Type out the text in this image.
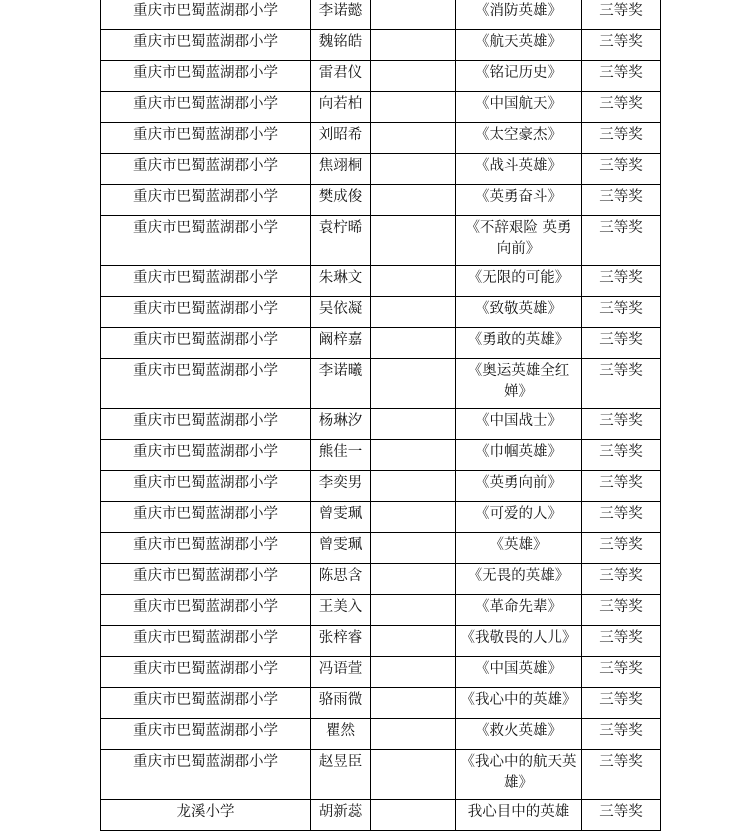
重庆市巴蜀蓝湖郡小学	李诺懿		《消防英雄》	三等奖
重庆市巴蜀蓝湖郡小学	魏铭皓		《航天英雄》	三等奖
重庆市巴蜀蓝湖郡小学	雷君仪		《铭记历史》	三等奖
重庆市巴蜀蓝湖郡小学	向若柏		《中国航天》	三等奖
重庆市巴蜀蓝湖郡小学	刘昭希		《太空豪杰》	三等奖
重庆市巴蜀蓝湖郡小学	焦翊桐		《战斗英雄》	三等奖
重庆市巴蜀蓝湖郡小学	樊成俊		《英勇奋斗》	三等奖
重庆市巴蜀蓝湖郡小学	袁柠晞		《不辞艰险 英勇向前》	三等奖
重庆市巴蜀蓝湖郡小学	朱琳文		《无限的可能》	三等奖
重庆市巴蜀蓝湖郡小学	吴依凝		《致敬英雄》	三等奖
重庆市巴蜀蓝湖郡小学	阚梓嘉		《勇敢的英雄》	三等奖
重庆市巴蜀蓝湖郡小学	李诺曦		《奥运英雄全红婵》	三等奖
重庆市巴蜀蓝湖郡小学	杨琳汐		《中国战士》	三等奖
重庆市巴蜀蓝湖郡小学	熊佳一		《巾帼英雄》	三等奖
重庆市巴蜀蓝湖郡小学	李奕男		《英勇向前》	三等奖
重庆市巴蜀蓝湖郡小学	曾雯珮		《可爱的人》	三等奖
重庆市巴蜀蓝湖郡小学	曾雯珮		《英雄》	三等奖
重庆市巴蜀蓝湖郡小学	陈思含		《无畏的英雄》	三等奖
重庆市巴蜀蓝湖郡小学	王美入		《革命先辈》	三等奖
重庆市巴蜀蓝湖郡小学	张梓睿		《我敬畏的人儿》	三等奖
重庆市巴蜀蓝湖郡小学	冯语萱		《中国英雄》	三等奖
重庆市巴蜀蓝湖郡小学	骆雨微		《我心中的英雄》	三等奖
重庆市巴蜀蓝湖郡小学	瞿然		《救火英雄》	三等奖
重庆市巴蜀蓝湖郡小学	赵昱臣		《我心中的航天英雄》	三等奖
龙溪小学	胡新蕊		我心目中的英雄	三等奖
